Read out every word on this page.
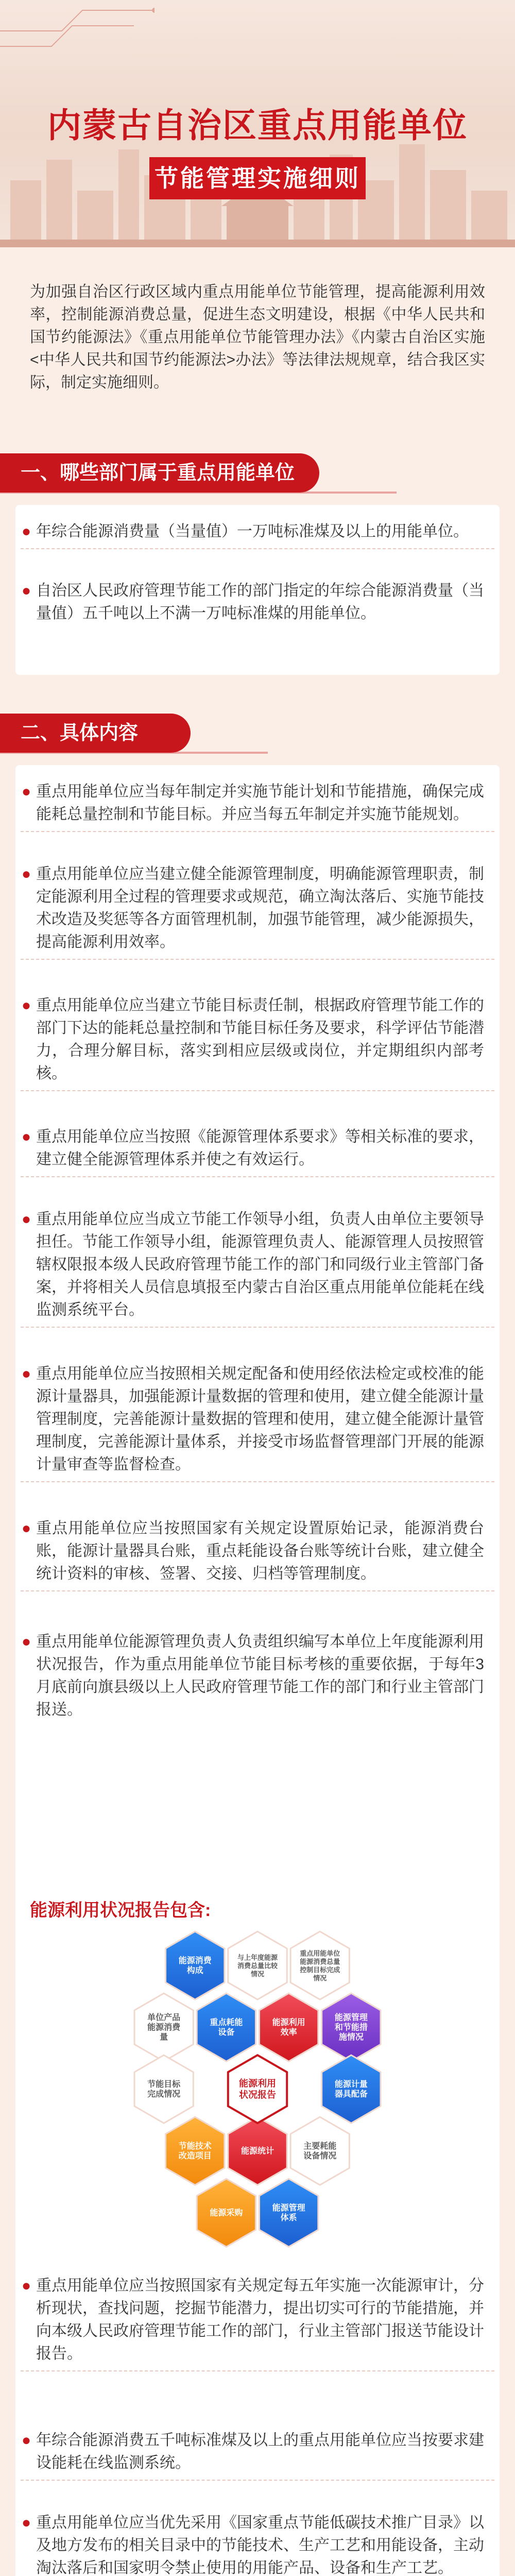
内蒙古自治区重点用能单位
节能管理实施细则
为加强自治区行政区域内重点用能单位节能管理，提高能源利用效率，控制能源消费总量，促进生态文明建设，根据《中华人民共和国节约能源法》《重点用能单位节能管理办法》《内蒙古自治区实施<中华人民共和国节约能源法>办法》等法律法规规章，结合我区实际，制定实施细则。
一、哪些部门属于重点用能单位
● 年综合能源消费量（当量值）一万吨标准煤及以上的用能单位。
● 自治区人民政府管理节能工作的部门指定的年综合能源消费量（当量值）五千吨以上不满一万吨标准煤的用能单位。
二、具体内容
● 重点用能单位应当每年制定并实施节能计划和节能措施，确保完成能耗总量控制和节能目标。并应当每五年制定并实施节能规划。
● 重点用能单位应当建立健全能源管理制度，明确能源管理职责，制定能源利用全过程的管理要求或规范，确立淘汰落后、实施节能技术改造及奖惩等各方面管理机制，加强节能管理，减少能源损失，提高能源利用效率。
● 重点用能单位应当建立节能目标责任制，根据政府管理节能工作的部门下达的能耗总量控制和节能目标任务及要求，科学评估节能潜力，合理分解目标，落实到相应层级或岗位，并定期组织内部考核。
● 重点用能单位应当按照《能源管理体系要求》等相关标准的要求，建立健全能源管理体系并使之有效运行。
● 重点用能单位应当成立节能工作领导小组，负责人由单位主要领导担任。节能工作领导小组，能源管理负责人、能源管理人员按照管辖权限报本级人民政府管理节能工作的部门和同级行业主管部门备案，并将相关人员信息填报至内蒙古自治区重点用能单位能耗在线监测系统平台。
● 重点用能单位应当按照相关规定配备和使用经依法检定或校准的能源计量器具，加强能源计量数据的管理和使用，建立健全能源计量管理制度，完善能源计量数据的管理和使用，建立健全能源计量管理制度，完善能源计量体系，并接受市场监督管理部门开展的能源计量审查等监督检查。
● 重点用能单位应当按照国家有关规定设置原始记录，能源消费台账，能源计量器具台账，重点耗能设备台账等统计台账，建立健全统计资料的审核、签署、交接、归档等管理制度。
● 重点用能单位能源管理负责人负责组织编写本单位上年度能源利用状况报告，作为重点用能单位节能目标考核的重要依据，于每年3月底前向旗县级以上人民政府管理节能工作的部门和行业主管部门报送。
能源利用状况报告包含:
能源消费构成
与上年度能源消费总量比较情况
重点用能单位能源消费总量控制目标完成情况
单位产品能源消费量
重点耗能设备
能源利用效率
能源管理和节能措施情况
节能目标完成情况
能源计量器具配备
节能技术改造项目
主要耗能设备情况
能源采购
能源管理体系
能源统计
能源利用状况报告
● 重点用能单位应当按照国家有关规定每五年实施一次能源审计，分析现状，查找问题，挖掘节能潜力，提出切实可行的节能措施，并向本级人民政府管理节能工作的部门，行业主管部门报送节能设计报告。
● 年综合能源消费五千吨标准煤及以上的重点用能单位应当按要求建设能耗在线监测系统。
● 重点用能单位应当优先采用《国家重点节能低碳技术推广目录》以及地方发布的相关目录中的节能技术、生产工艺和用能设备，主动淘汰落后和国家明令禁止使用的用能产品、设备和生产工艺。
